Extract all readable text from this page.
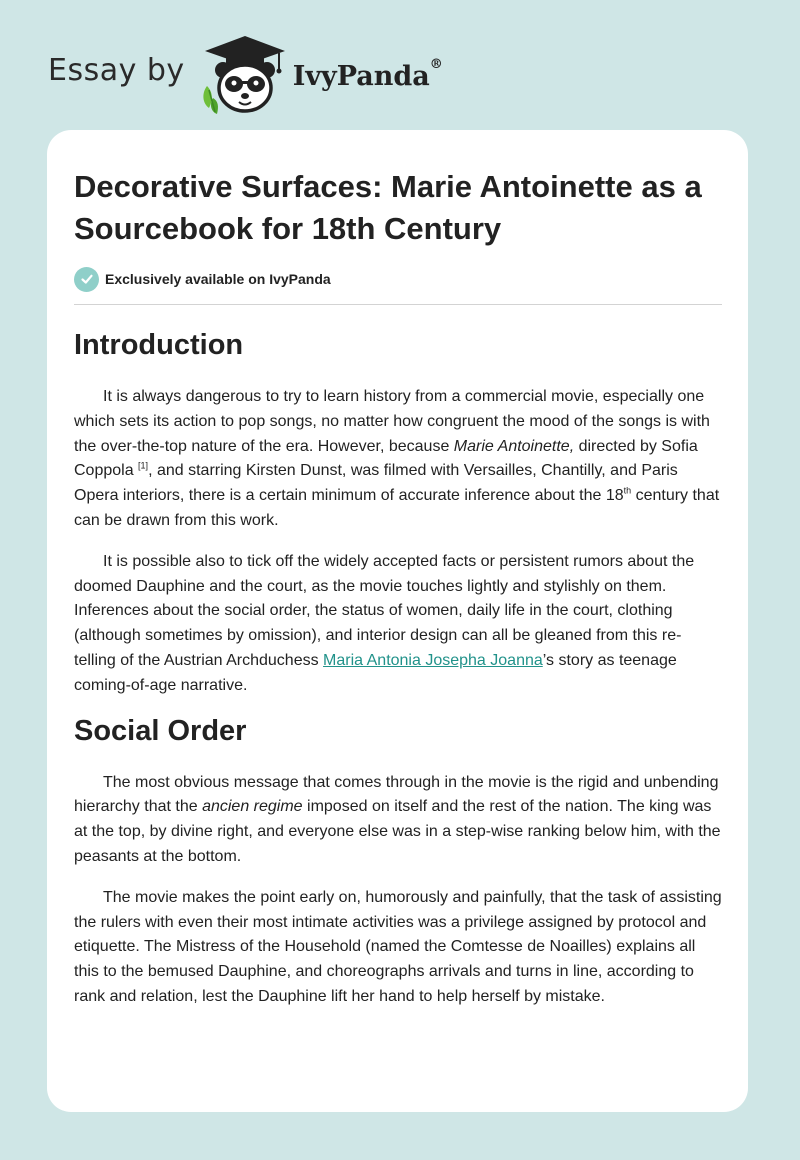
Essay by	IvyPanda®
Decorative Surfaces: Marie Antoinette as a Sourcebook for 18th Century
Exclusively available on IvyPanda
Introduction

It is always dangerous to try to learn history from a commercial movie, especially one which sets its action to pop songs, no matter how congruent the mood of the songs is with the over-the-top nature of the era. However, because Marie Antoinette, directed by Sofia Coppola [1], and starring Kirsten Dunst, was filmed with Versailles, Chantilly, and Paris Opera interiors, there is a certain minimum of accurate inference about the 18th century that can be drawn from this work.

It is possible also to tick off the widely accepted facts or persistent rumors about the doomed Dauphine and the court, as the movie touches lightly and stylishly on them. Inferences about the social order, the status of women, daily life in the court, clothing (although sometimes by omission), and interior design can all be gleaned from this re-telling of the Austrian Archduchess Maria Antonia Josepha Joanna’s story as teenage coming-of-age narrative.

Social Order

The most obvious message that comes through in the movie is the rigid and unbending hierarchy that the ancien regime imposed on itself and the rest of the nation. The king was at the top, by divine right, and everyone else was in a step-wise ranking below him, with the peasants at the bottom.

The movie makes the point early on, humorously and painfully, that the task of assisting the rulers with even their most intimate activities was a privilege assigned by protocol and etiquette. The Mistress of the Household (named the Comtesse de Noailles) explains all this to the bemused Dauphine, and choreographs arrivals and turns in line, according to rank and relation, lest the Dauphine lift her hand to help herself by mistake.
